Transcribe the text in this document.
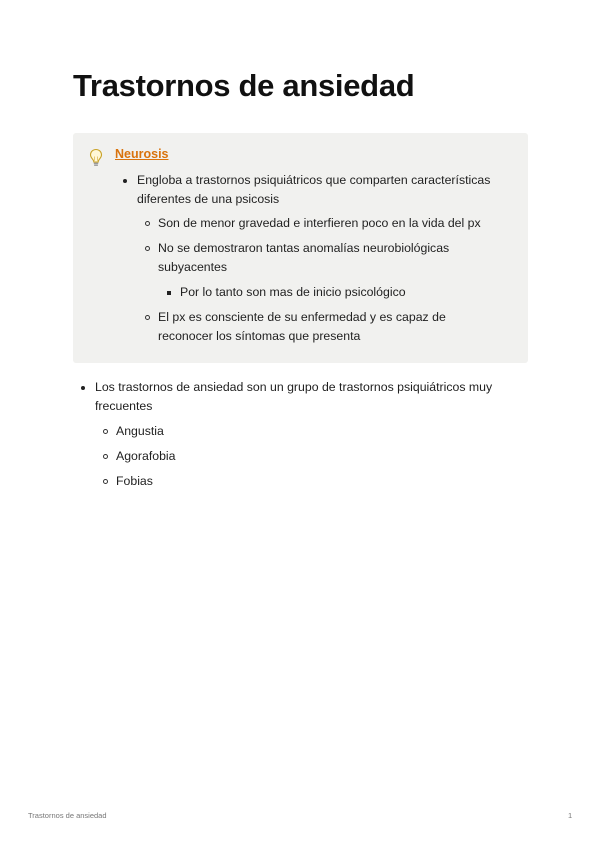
Trastornos de ansiedad
Neurosis
Engloba a trastornos psiquiátricos que comparten características diferentes de una psicosis
Son de menor gravedad e interfieren poco en la vida del px
No se demostraron tantas anomalías neurobiológicas subyacentes
Por lo tanto son mas de inicio psicológico
El px es consciente de su enfermedad y es capaz de reconocer los síntomas que presenta
Los trastornos de ansiedad son un grupo de trastornos psiquiátricos muy frecuentes
Angustia
Agorafobia
Fobias
Trastornos de ansiedad	1
